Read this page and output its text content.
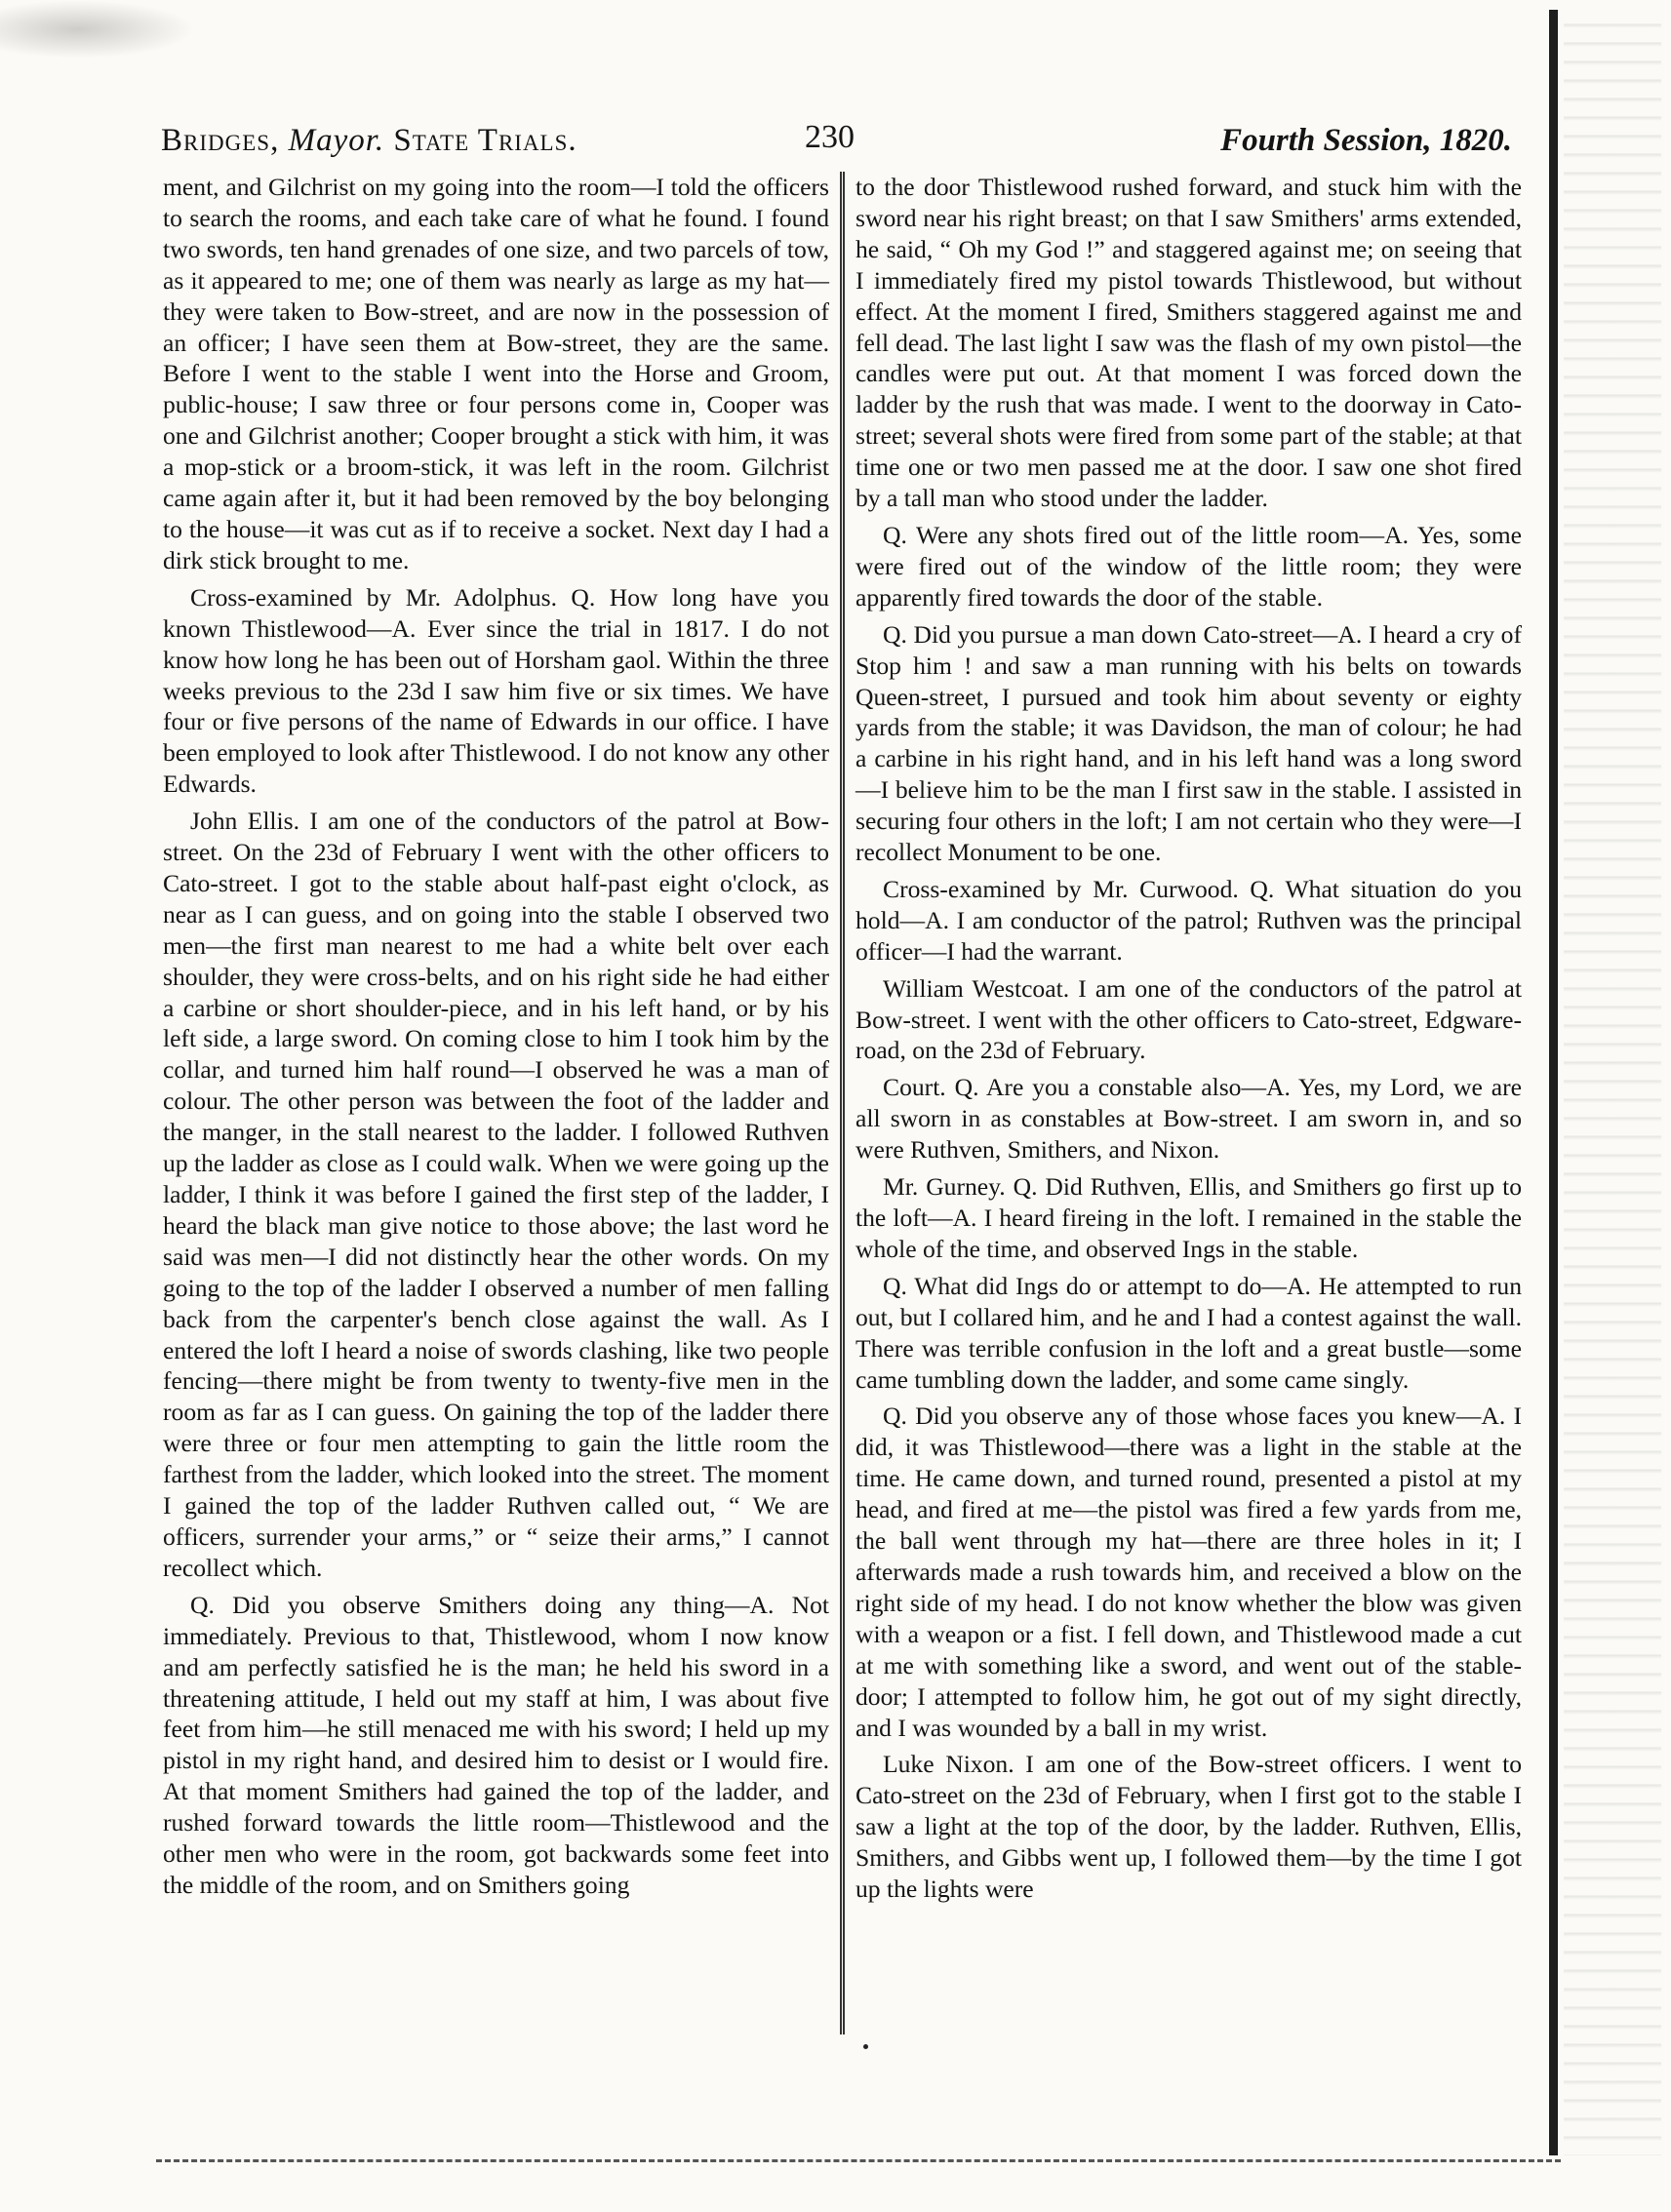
Bridges, Mayor. State Trials.	230	Fourth Session, 1820.

ment, and Gilchrist on my going into the room—I told the officers to search the rooms, and each take care of what he found. I found two swords, ten hand grenades of one size, and two parcels of tow, as it appeared to me; one of them was nearly as large as my hat—they were taken to Bow-street, and are now in the possession of an officer; I have seen them at Bow-street, they are the same. Before I went to the stable I went into the Horse and Groom, public-house; I saw three or four persons come in, Cooper was one and Gilchrist another; Cooper brought a stick with him, it was a mop-stick or a broom-stick, it was left in the room. Gilchrist came again after it, but it had been removed by the boy belonging to the house—it was cut as if to receive a socket. Next day I had a dirk stick brought to me.

Cross-examined by Mr. Adolphus. Q. How long have you known Thistlewood—A. Ever since the trial in 1817. I do not know how long he has been out of Horsham gaol. Within the three weeks previous to the 23d I saw him five or six times. We have four or five persons of the name of Edwards in our office. I have been employed to look after Thistlewood. I do not know any other Edwards.

John Ellis. I am one of the conductors of the patrol at Bow-street. On the 23d of February I went with the other officers to Cato-street. I got to the stable about half-past eight o'clock, as near as I can guess, and on going into the stable I observed two men—the first man nearest to me had a white belt over each shoulder, they were cross-belts, and on his right side he had either a carbine or short shoulder-piece, and in his left hand, or by his left side, a large sword. On coming close to him I took him by the collar, and turned him half round—I observed he was a man of colour. The other person was between the foot of the ladder and the manger, in the stall nearest to the ladder. I followed Ruthven up the ladder as close as I could walk. When we were going up the ladder, I think it was before I gained the first step of the ladder, I heard the black man give notice to those above; the last word he said was men—I did not distinctly hear the other words. On my going to the top of the ladder I observed a number of men falling back from the carpenter's bench close against the wall. As I entered the loft I heard a noise of swords clashing, like two people fencing—there might be from twenty to twenty-five men in the room as far as I can guess. On gaining the top of the ladder there were three or four men attempting to gain the little room the farthest from the ladder, which looked into the street. The moment I gained the top of the ladder Ruthven called out, “ We are officers, surrender your arms,” or “ seize their arms,” I cannot recollect which.

Q. Did you observe Smithers doing any thing—A. Not immediately. Previous to that, Thistlewood, whom I now know and am perfectly satisfied he is the man; he held his sword in a threatening attitude, I held out my staff at him, I was about five feet from him—he still menaced me with his sword; I held up my pistol in my right hand, and desired him to desist or I would fire. At that moment Smithers had gained the top of the ladder, and rushed forward towards the little room—Thistlewood and the other men who were in the room, got backwards some feet into the middle of the room, and on Smithers going

to the door Thistlewood rushed forward, and stuck him with the sword near his right breast; on that I saw Smithers' arms extended, he said, “ Oh my God !” and staggered against me; on seeing that I immediately fired my pistol towards Thistlewood, but without effect. At the moment I fired, Smithers staggered against me and fell dead. The last light I saw was the flash of my own pistol—the candles were put out. At that moment I was forced down the ladder by the rush that was made. I went to the doorway in Cato-street; several shots were fired from some part of the stable; at that time one or two men passed me at the door. I saw one shot fired by a tall man who stood under the ladder.

Q. Were any shots fired out of the little room—A. Yes, some were fired out of the window of the little room; they were apparently fired towards the door of the stable.

Q. Did you pursue a man down Cato-street—A. I heard a cry of Stop him ! and saw a man running with his belts on towards Queen-street, I pursued and took him about seventy or eighty yards from the stable; it was Davidson, the man of colour; he had a carbine in his right hand, and in his left hand was a long sword—I believe him to be the man I first saw in the stable. I assisted in securing four others in the loft; I am not certain who they were—I recollect Monument to be one.

Cross-examined by Mr. Curwood. Q. What situation do you hold—A. I am conductor of the patrol; Ruthven was the principal officer—I had the warrant.

William Westcoat. I am one of the conductors of the patrol at Bow-street. I went with the other officers to Cato-street, Edgware-road, on the 23d of February.

Court. Q. Are you a constable also—A. Yes, my Lord, we are all sworn in as constables at Bow-street. I am sworn in, and so were Ruthven, Smithers, and Nixon.

Mr. Gurney. Q. Did Ruthven, Ellis, and Smithers go first up to the loft—A. I heard fireing in the loft. I remained in the stable the whole of the time, and observed Ings in the stable.

Q. What did Ings do or attempt to do—A. He attempted to run out, but I collared him, and he and I had a contest against the wall. There was terrible confusion in the loft and a great bustle—some came tumbling down the ladder, and some came singly.

Q. Did you observe any of those whose faces you knew—A. I did, it was Thistlewood—there was a light in the stable at the time. He came down, and turned round, presented a pistol at my head, and fired at me—the pistol was fired a few yards from me, the ball went through my hat—there are three holes in it; I afterwards made a rush towards him, and received a blow on the right side of my head. I do not know whether the blow was given with a weapon or a fist. I fell down, and Thistlewood made a cut at me with something like a sword, and went out of the stable-door; I attempted to follow him, he got out of my sight directly, and I was wounded by a ball in my wrist.

Luke Nixon. I am one of the Bow-street officers. I went to Cato-street on the 23d of February, when I first got to the stable I saw a light at the top of the door, by the ladder. Ruthven, Ellis, Smithers, and Gibbs went up, I followed them—by the time I got up the lights were
